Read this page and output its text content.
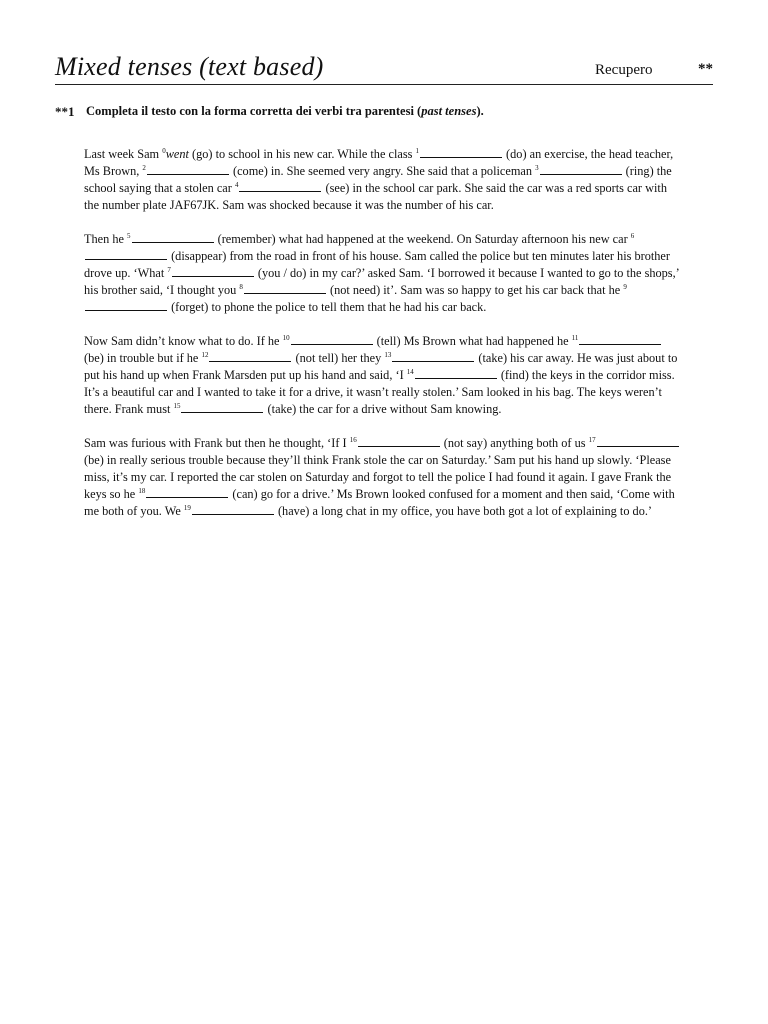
Mixed tenses (text based)	Recupero	**
**1 Completa il testo con la forma corretta dei verbi tra parentesi (past tenses).

Last week Sam $^0$went (go) to school in his new car. While the class $^1$	(do) an exercise, the head teacher, Ms Brown, $^2$	(come) in. She seemed very angry. She said that a policeman $^3$	(ring) the school saying that a stolen car $^4$	(see) in the school car park. She said the car was a red sports car with the number plate JAF67JK. Sam was shocked because it was the number of his car.

Then he $^5$	(remember) what had happened at the weekend. On Saturday afternoon his new car $^6$ (disappear) from the road in front of his house. Sam called the police but ten minutes later his brother drove up. ‘What $^7$	(you / do) in my car?’ asked Sam. ‘I borrowed it because I wanted to go to the shops,’ his brother said, ‘I thought you $^8$	(not need) it’. Sam was so happy to get his car back that he $^9$ (forget) to phone the police to tell them that he had his car back.

Now Sam didn’t know what to do. If he $^{10}$	(tell) Ms Brown what had happened he $^{11}$	(be) in trouble but if he $^{12}$	(not tell) her they $^{13}$	(take) his car away. He was just about to put his hand up when Frank Marsden put up his hand and said, ‘I $^{14}$	(find) the keys in the corridor miss. It’s a beautiful car and I wanted to take it for a drive, it wasn’t really stolen.’ Sam looked in his bag. The keys weren’t there. Frank must $^{15}$	(take) the car for a drive without Sam knowing.

Sam was furious with Frank but then he thought, ‘If I $^{16}$	(not say) anything both of us $^{17}$	(be) in really serious trouble because they’ll think Frank stole the car on Saturday.’ Sam put his hand up slowly. ‘Please miss, it’s my car. I reported the car stolen on Saturday and forgot to tell the police I had found it again. I gave Frank the keys so he $^{18}$	(can) go for a drive.’ Ms Brown looked confused for a moment and then said, ‘Come with me both of you. We $^{19}$	(have) a long chat in my office, you have both got a lot of explaining to do.’
